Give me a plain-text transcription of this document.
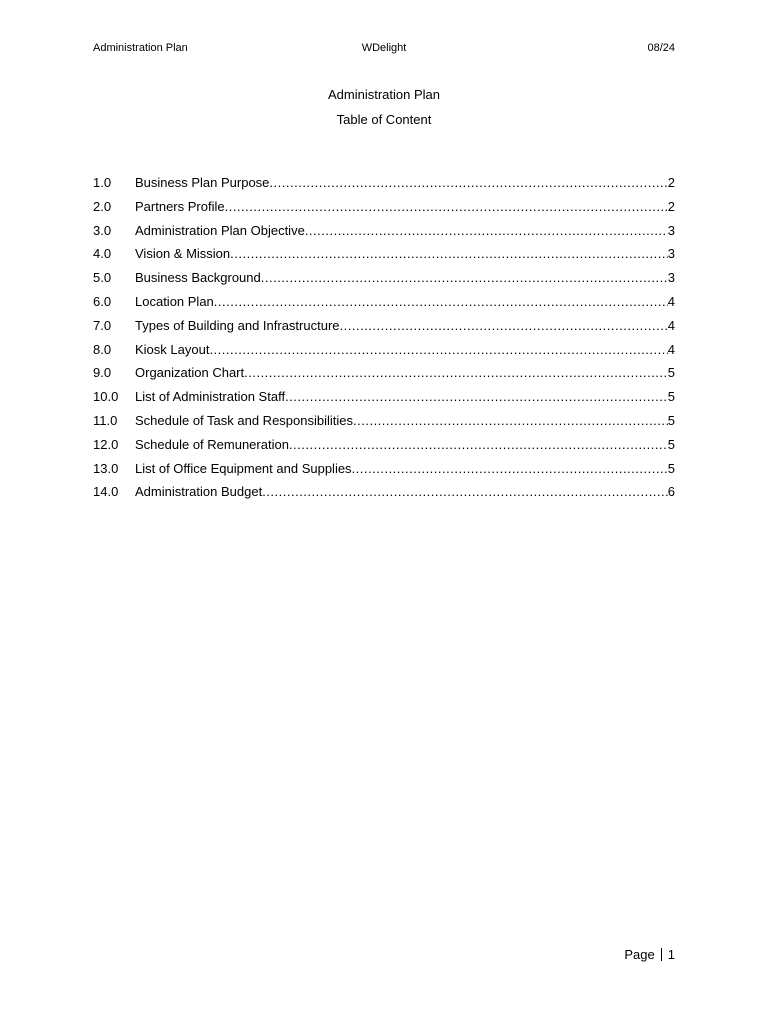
Administration Plan	WDelight	08/24
Administration Plan
Table of Content
1.0	Business Plan Purpose .....	2
2.0	Partners Profile .....	2
3.0	Administration Plan Objective .....	3
4.0	Vision & Mission .....	3
5.0	Business Background .....	3
6.0	Location Plan .....	4
7.0	Types of Building and Infrastructure .....	4
8.0	Kiosk Layout .....	4
9.0	Organization Chart .....	5
10.0	List of Administration Staff .....	5
11.0	Schedule of Task and Responsibilities .....	5
12.0	Schedule of Remuneration .....	5
13.0	List of Office Equipment and Supplies .....	5
14.0	Administration Budget .....	6
Page 1
